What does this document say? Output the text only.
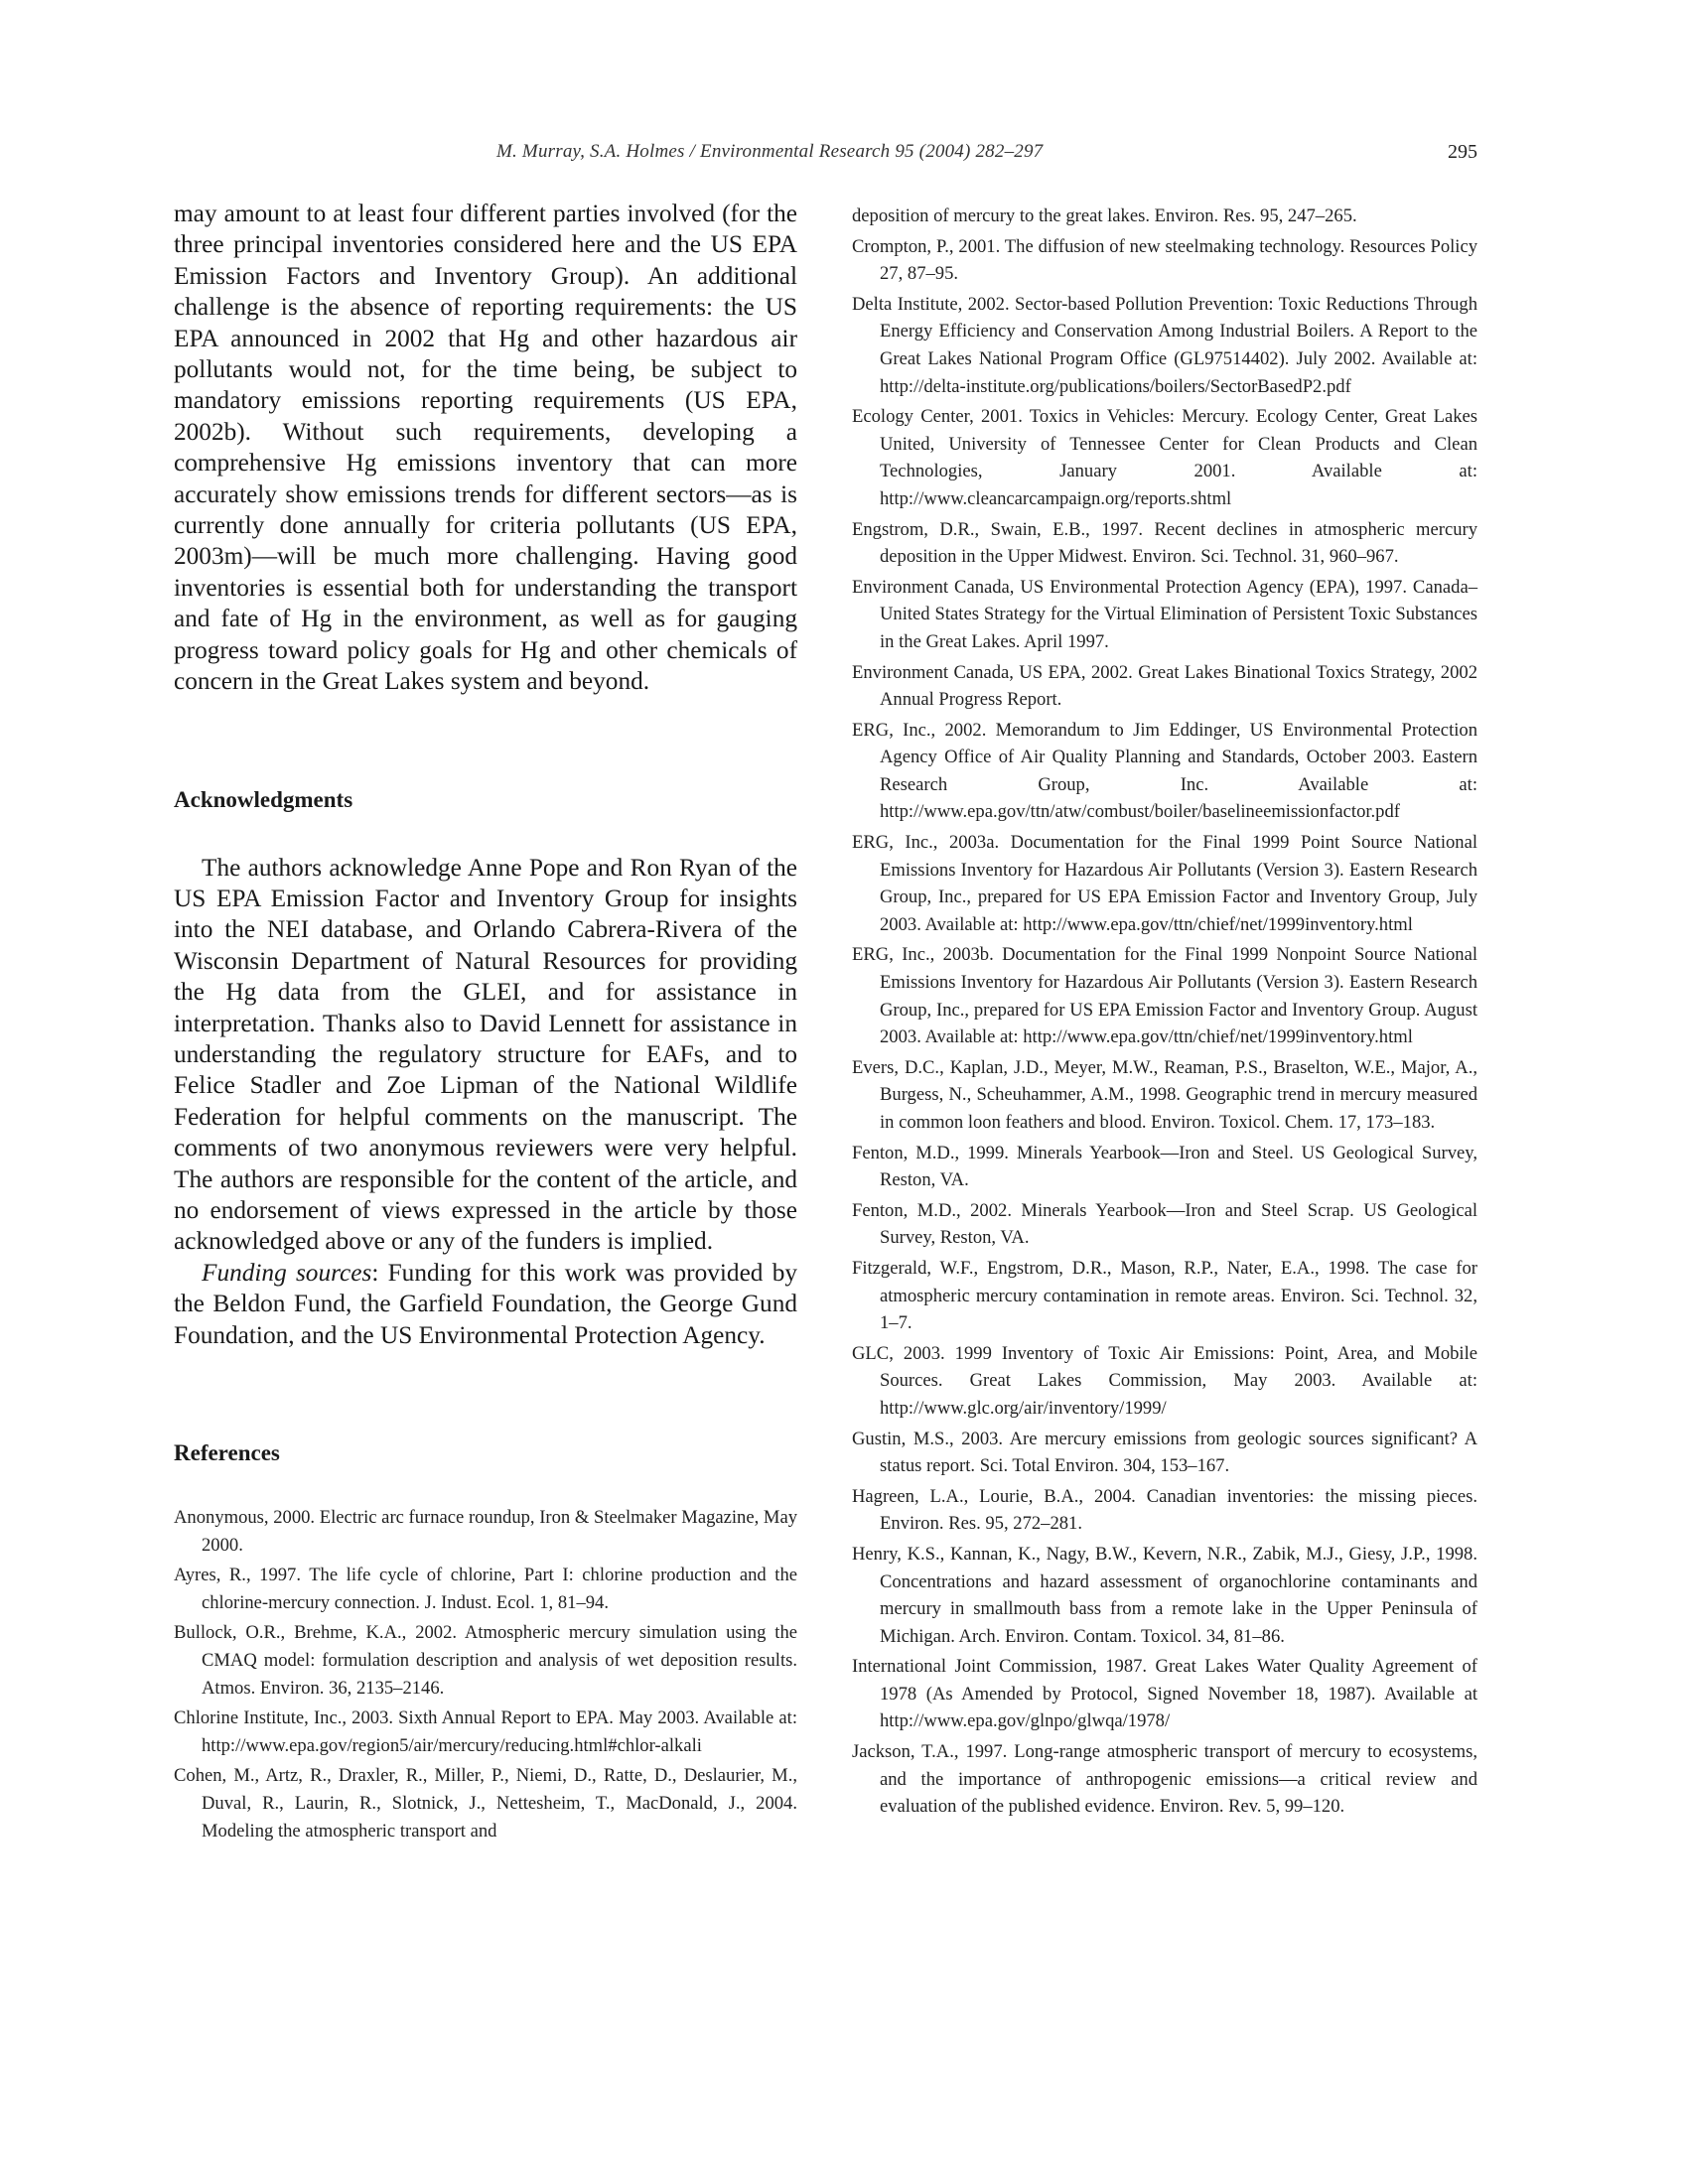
M. Murray, S.A. Holmes / Environmental Research 95 (2004) 282–297	295

may amount to at least four different parties involved (for the three principal inventories considered here and the US EPA Emission Factors and Inventory Group). An additional challenge is the absence of reporting requirements: the US EPA announced in 2002 that Hg and other hazardous air pollutants would not, for the time being, be subject to mandatory emissions reporting requirements (US EPA, 2002b). Without such requirements, developing a comprehensive Hg emissions inventory that can more accurately show emissions trends for different sectors—as is currently done annually for criteria pollutants (US EPA, 2003m)—will be much more challenging. Having good inventories is essential both for understanding the transport and fate of Hg in the environment, as well as for gauging progress toward policy goals for Hg and other chemicals of concern in the Great Lakes system and beyond.

Acknowledgments

The authors acknowledge Anne Pope and Ron Ryan of the US EPA Emission Factor and Inventory Group for insights into the NEI database, and Orlando Cabrera-Rivera of the Wisconsin Department of Natural Resources for providing the Hg data from the GLEI, and for assistance in interpretation. Thanks also to David Lennett for assistance in understanding the regulatory structure for EAFs, and to Felice Stadler and Zoe Lipman of the National Wildlife Federation for helpful comments on the manuscript. The comments of two anonymous reviewers were very helpful. The authors are responsible for the content of the article, and no endorsement of views expressed in the article by those acknowledged above or any of the funders is implied.

Funding sources: Funding for this work was provided by the Beldon Fund, the Garfield Foundation, the George Gund Foundation, and the US Environmental Protection Agency.

References
Anonymous, 2000. Electric arc furnace roundup, Iron & Steelmaker Magazine, May 2000.
Ayres, R., 1997. The life cycle of chlorine, Part I: chlorine production and the chlorine-mercury connection. J. Indust. Ecol. 1, 81–94.
Bullock, O.R., Brehme, K.A., 2002. Atmospheric mercury simulation using the CMAQ model: formulation description and analysis of wet deposition results. Atmos. Environ. 36, 2135–2146.
Chlorine Institute, Inc., 2003. Sixth Annual Report to EPA. May 2003. Available at: http://www.epa.gov/region5/air/mercury/reducing.html#chlor-alkali
Cohen, M., Artz, R., Draxler, R., Miller, P., Niemi, D., Ratte, D., Deslaurier, M., Duval, R., Laurin, R., Slotnick, J., Nettesheim, T., MacDonald, J., 2004. Modeling the atmospheric transport and
deposition of mercury to the great lakes. Environ. Res. 95, 247–265.
Crompton, P., 2001. The diffusion of new steelmaking technology. Resources Policy 27, 87–95.
Delta Institute, 2002. Sector-based Pollution Prevention: Toxic Reductions Through Energy Efficiency and Conservation Among Industrial Boilers. A Report to the Great Lakes National Program Office (GL97514402). July 2002. Available at: http://delta-institute.org/publications/boilers/SectorBasedP2.pdf
Ecology Center, 2001. Toxics in Vehicles: Mercury. Ecology Center, Great Lakes United, University of Tennessee Center for Clean Products and Clean Technologies, January 2001. Available at: http://www.cleancarcampaign.org/reports.shtml
Engstrom, D.R., Swain, E.B., 1997. Recent declines in atmospheric mercury deposition in the Upper Midwest. Environ. Sci. Technol. 31, 960–967.
Environment Canada, US Environmental Protection Agency (EPA), 1997. Canada–United States Strategy for the Virtual Elimination of Persistent Toxic Substances in the Great Lakes. April 1997.
Environment Canada, US EPA, 2002. Great Lakes Binational Toxics Strategy, 2002 Annual Progress Report.
ERG, Inc., 2002. Memorandum to Jim Eddinger, US Environmental Protection Agency Office of Air Quality Planning and Standards, October 2003. Eastern Research Group, Inc. Available at: http://www.epa.gov/ttn/atw/combust/boiler/baselineemissionfactor.pdf
ERG, Inc., 2003a. Documentation for the Final 1999 Point Source National Emissions Inventory for Hazardous Air Pollutants (Version 3). Eastern Research Group, Inc., prepared for US EPA Emission Factor and Inventory Group, July 2003. Available at: http://www.epa.gov/ttn/chief/net/1999inventory.html
ERG, Inc., 2003b. Documentation for the Final 1999 Nonpoint Source National Emissions Inventory for Hazardous Air Pollutants (Version 3). Eastern Research Group, Inc., prepared for US EPA Emission Factor and Inventory Group. August 2003. Available at: http://www.epa.gov/ttn/chief/net/1999inventory.html
Evers, D.C., Kaplan, J.D., Meyer, M.W., Reaman, P.S., Braselton, W.E., Major, A., Burgess, N., Scheuhammer, A.M., 1998. Geographic trend in mercury measured in common loon feathers and blood. Environ. Toxicol. Chem. 17, 173–183.
Fenton, M.D., 1999. Minerals Yearbook—Iron and Steel. US Geological Survey, Reston, VA.
Fenton, M.D., 2002. Minerals Yearbook—Iron and Steel Scrap. US Geological Survey, Reston, VA.
Fitzgerald, W.F., Engstrom, D.R., Mason, R.P., Nater, E.A., 1998. The case for atmospheric mercury contamination in remote areas. Environ. Sci. Technol. 32, 1–7.
GLC, 2003. 1999 Inventory of Toxic Air Emissions: Point, Area, and Mobile Sources. Great Lakes Commission, May 2003. Available at: http://www.glc.org/air/inventory/1999/
Gustin, M.S., 2003. Are mercury emissions from geologic sources significant? A status report. Sci. Total Environ. 304, 153–167.
Hagreen, L.A., Lourie, B.A., 2004. Canadian inventories: the missing pieces. Environ. Res. 95, 272–281.
Henry, K.S., Kannan, K., Nagy, B.W., Kevern, N.R., Zabik, M.J., Giesy, J.P., 1998. Concentrations and hazard assessment of organochlorine contaminants and mercury in smallmouth bass from a remote lake in the Upper Peninsula of Michigan. Arch. Environ. Contam. Toxicol. 34, 81–86.
International Joint Commission, 1987. Great Lakes Water Quality Agreement of 1978 (As Amended by Protocol, Signed November 18, 1987). Available at http://www.epa.gov/glnpo/glwqa/1978/
Jackson, T.A., 1997. Long-range atmospheric transport of mercury to ecosystems, and the importance of anthropogenic emissions—a critical review and evaluation of the published evidence. Environ. Rev. 5, 99–120.
